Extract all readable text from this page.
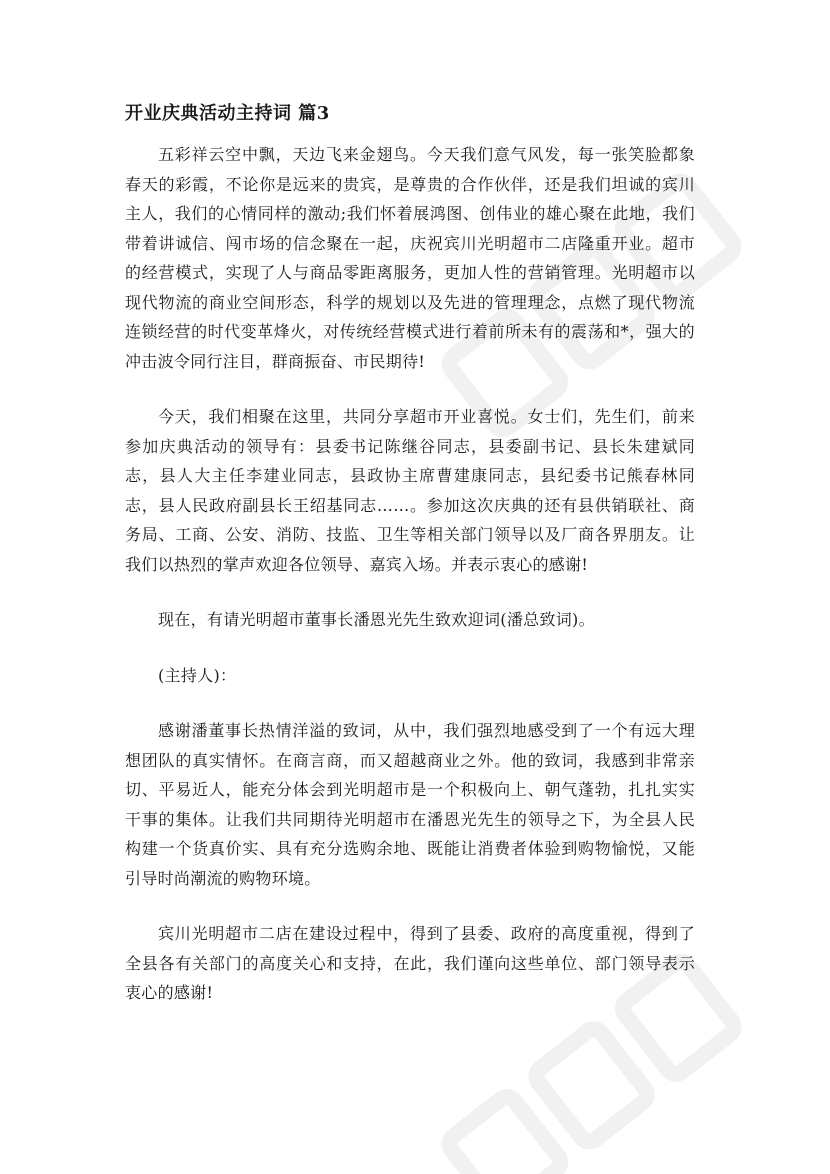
开业庆典活动主持词 篇3

五彩祥云空中飘，天边飞来金翅鸟。今天我们意气风发，每一张笑脸都象春天的彩霞，不论你是远来的贵宾，是尊贵的合作伙伴，还是我们坦诚的宾川主人，我们的心情同样的激动;我们怀着展鸿图、创伟业的雄心聚在此地，我们带着讲诚信、闯市场的信念聚在一起，庆祝宾川光明超市二店隆重开业。超市的经营模式，实现了人与商品零距离服务，更加人性的营销管理。光明超市以现代物流的商业空间形态，科学的规划以及先进的管理理念，点燃了现代物流连锁经营的时代变革烽火，对传统经营模式进行着前所未有的震荡和*，强大的冲击波令同行注目，群商振奋、市民期待!

今天，我们相聚在这里，共同分享超市开业喜悦。女士们，先生们，前来参加庆典活动的领导有：县委书记陈继谷同志，县委副书记、县长朱建斌同志，县人大主任李建业同志，县政协主席曹建康同志，县纪委书记熊春林同志，县人民政府副县长王绍基同志……。参加这次庆典的还有县供销联社、商务局、工商、公安、消防、技监、卫生等相关部门领导以及厂商各界朋友。让我们以热烈的掌声欢迎各位领导、嘉宾入场。并表示衷心的感谢!

现在，有请光明超市董事长潘恩光先生致欢迎词(潘总致词)。

(主持人)：

感谢潘董事长热情洋溢的致词，从中，我们强烈地感受到了一个有远大理想团队的真实情怀。在商言商，而又超越商业之外。他的致词，我感到非常亲切、平易近人，能充分体会到光明超市是一个积极向上、朝气蓬勃，扎扎实实干事的集体。让我们共同期待光明超市在潘恩光先生的领导之下，为全县人民构建一个货真价实、具有充分选购余地、既能让消费者体验到购物愉悦，又能引导时尚潮流的购物环境。

宾川光明超市二店在建设过程中，得到了县委、政府的高度重视，得到了全县各有关部门的高度关心和支持，在此，我们谨向这些单位、部门领导表示衷心的感谢!
